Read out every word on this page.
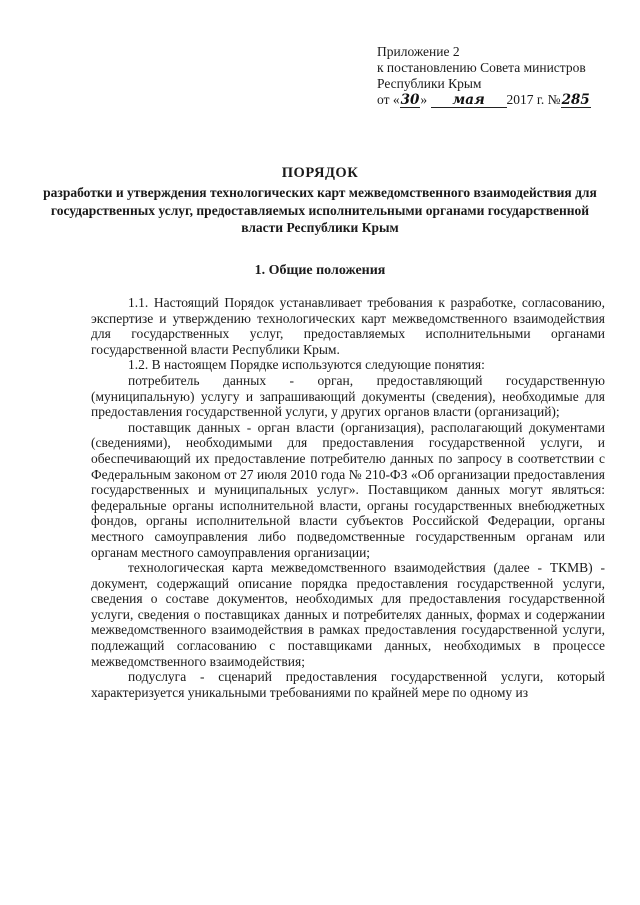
Приложение 2
к постановлению Совета министров
Республики Крым
от «30» мая 2017 г. №285
ПОРЯДОК
разработки и утверждения технологических карт межведомственного взаимодействия для государственных услуг, предоставляемых исполнительными органами государственной власти Республики Крым
1. Общие положения

1.1. Настоящий Порядок устанавливает требования к разработке, согласованию, экспертизе и утверждению технологических карт межведомственного взаимодействия для государственных услуг, предоставляемых исполнительными органами государственной власти Республики Крым.

1.2. В настоящем Порядке используются следующие понятия:

потребитель данных - орган, предоставляющий государственную (муниципальную) услугу и запрашивающий документы (сведения), необходимые для предоставления государственной услуги, у других органов власти (организаций);

поставщик данных - орган власти (организация), располагающий документами (сведениями), необходимыми для предоставления государственной услуги, и обеспечивающий их предоставление потребителю данных по запросу в соответствии с Федеральным законом от 27 июля 2010 года № 210-ФЗ «Об организации предоставления государственных и муниципальных услуг». Поставщиком данных могут являться: федеральные органы исполнительной власти, органы государственных внебюджетных фондов, органы исполнительной власти субъектов Российской Федерации, органы местного самоуправления либо подведомственные государственным органам или органам местного самоуправления организации;

технологическая карта межведомственного взаимодействия (далее - ТКМВ) - документ, содержащий описание порядка предоставления государственной услуги, сведения о составе документов, необходимых для предоставления государственной услуги, сведения о поставщиках данных и потребителях данных, формах и содержании межведомственного взаимодействия в рамках предоставления государственной услуги, подлежащий согласованию с поставщиками данных, необходимых в процессе межведомственного взаимодействия;

подуслуга - сценарий предоставления государственной услуги, который характеризуется уникальными требованиями по крайней мере по одному из
